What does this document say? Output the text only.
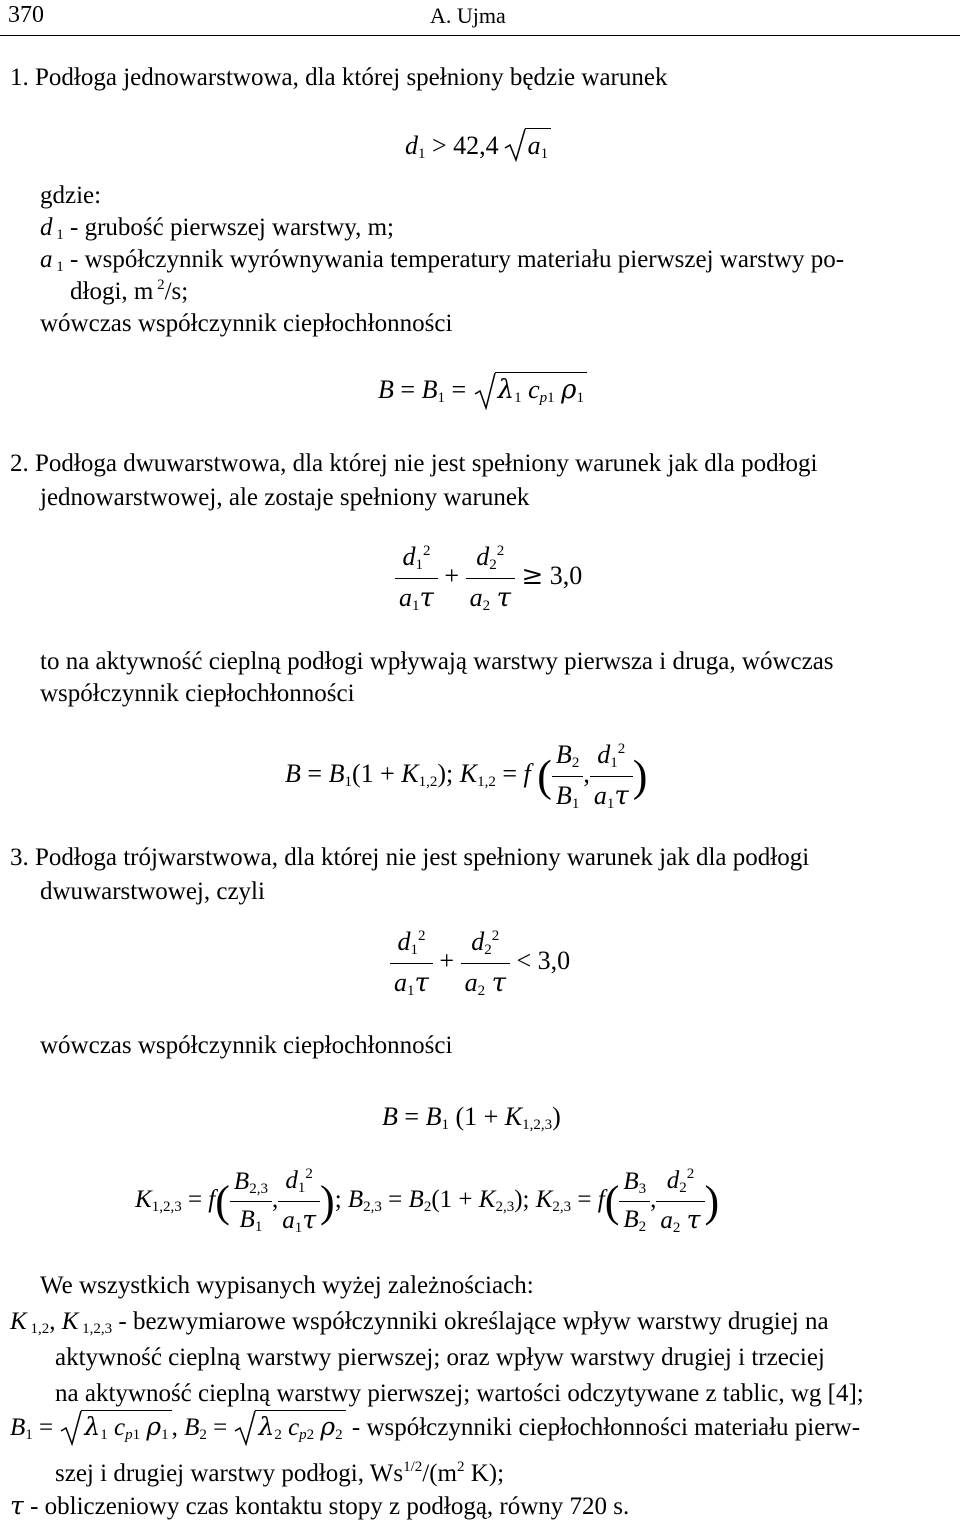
370	A. Ujma
1. Podłoga jednowarstwowa, dla której spełniony będzie warunek
$d_1 > 42,4$ $a_1$
gdzie:
d $_1$ - grubość pierwszej warstwy, m;
a $_1$ - współczynnik wyrównywania temperatury materiału pierwszej warstwy po-
dłogi, m $^2$/s;
wówczas współczynnik ciepłochłonności
$B = B_1$ =
$\lambda_1$ $c_{p1}$ $\rho_1$
2. Podłoga dwuwarstwowa, dla której nie jest spełniony warunek jak dla podłogi
jednowarstwowej, ale zostaje spełniony warunek
$\frac{d_1^2}{a_1\tau} + \frac{d_2^2}{a_2 \tau} \ge 3,0$
to na aktywność cieplną podłogi wpływają warstwy pierwsza i druga, wówczas
współczynnik ciepłochłonności
$B = B_1(1 + K_{1,2})$; $K_{1,2} = f$ ( $\frac{B_2}{B_1}$ , $\frac{d_1^2}{a_1\tau}$ )
3. Podłoga trójwarstwowa, dla której nie jest spełniony warunek jak dla podłogi
dwuwarstwowej, czyli
$\frac{d_1^2}{a_1\tau} + \frac{d_2^2}{a_2 \tau} < 3,0$
wówczas współczynnik ciepłochłonności
$B = B_1$ $(1 + K_{1,2,3})$
$K_{1,2,3} = f( \frac{B_{2,3}}{B_1}$ , $\frac{d_1^2}{a_1\tau}$ ); $B_{2,3} = B_2(1 + K_{2,3})$; $K_{2,3} = f( \frac{B_3}{B_2}$ , $\frac{d_2^2}{a_2 \tau}$ )
We wszystkich wypisanych wyżej zależnościach:
K $_{1,2}$, K $_{1,2,3}$ - bezwymiarowe współczynniki określające wpływ warstwy drugiej na
aktywność cieplną warstwy pierwszej; oraz wpływ warstwy drugiej i trzeciej
na aktywność cieplną warstwy pierwszej; wartości odczytywane z tablic, wg [4];
$B_1$ =
$\lambda_1$ $c_{p1}$ $\rho_1$ , $B_2$ =
$\lambda_2$ $c_{p2}$ $\rho_2$ - współczynniki ciepłochłonności materiału pierw-
szej i drugiej warstwy podłogi, $Ws^{1/2}/(m^2$ K);
τ - obliczeniowy czas kontaktu stopy z podłogą, równy 720 s.
